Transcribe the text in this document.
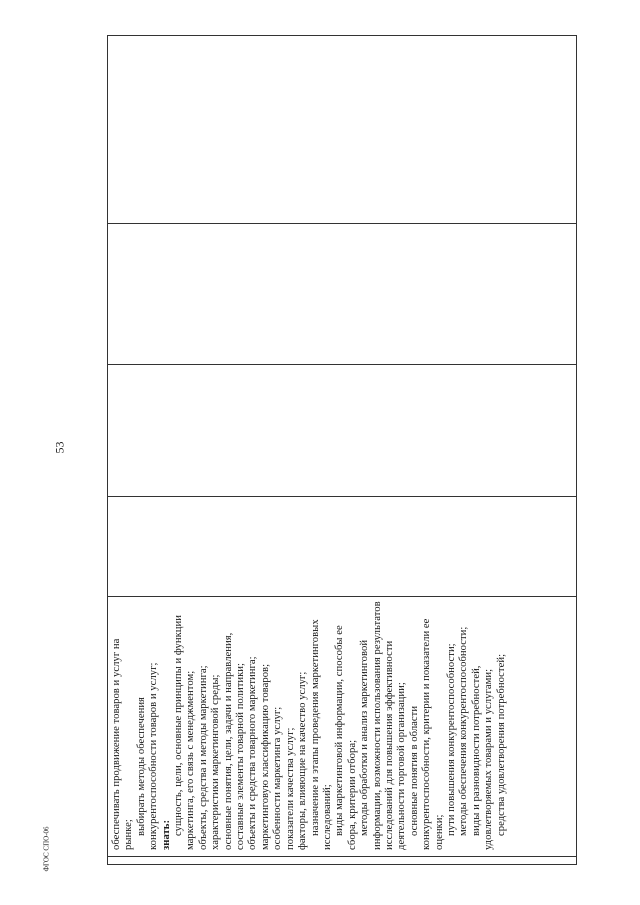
53
обеспечивать продвижение товаров и услуг на рынке; выбирать методы обеспечения конкурентоспособности товаров и услуг; знать: сущность, цели, основные принципы и функции маркетинга, его связь с менеджментом; объекты, средства и методы маркетинга; характеристики маркетинговой среды; основные понятия, цели, задачи и направления, составные элементы товарной политики; объекты и средства товарного маркетинга; маркетинговую классификацию товаров; особенности маркетинга услуг; показатели качества услуг; факторы, влияющие на качество услуг; назначение и этапы проведения маркетинговых исследований; виды маркетинговой информации, способы ее сбора, критерии отбора; методы обработки и анализ маркетинговой информации, возможности использования результатов исследований для повышения эффективности деятельности торговой организации; основные понятия в области конкурентоспособности, критерии и показатели ее оценки; пути повышения конкурентоспособности; методы обеспечения конкурентоспособности; виды и разновидности потребностей, удовлетворяемых товарами и услугами; средства удовлетворения потребностей;
ФГОС СПО-06
